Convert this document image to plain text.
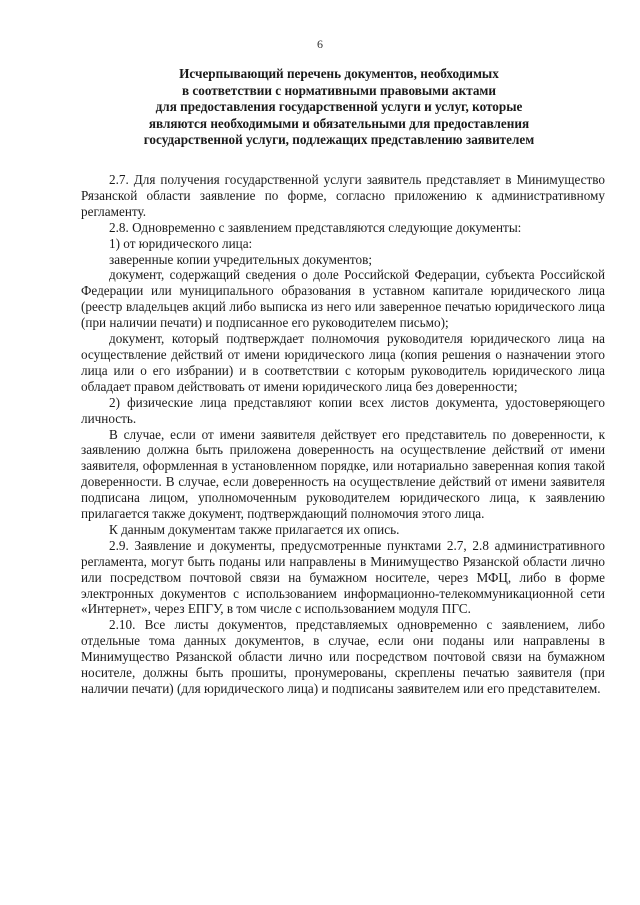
6
Исчерпывающий перечень документов, необходимых
в соответствии с нормативными правовыми актами
для предоставления государственной услуги и услуг, которые
являются необходимыми и обязательными для предоставления
государственной услуги, подлежащих представлению заявителем

2.7. Для получения государственной услуги заявитель представляет в Минимущество Рязанской области заявление по форме, согласно приложению к административному регламенту.

2.8. Одновременно с заявлением представляются следующие документы:

1) от юридического лица:

заверенные копии учредительных документов;

документ, содержащий сведения о доле Российской Федерации, субъекта Российской Федерации или муниципального образования в уставном капитале юридического лица (реестр владельцев акций либо выписка из него или заверенное печатью юридического лица (при наличии печати) и подписанное его руководителем письмо);

документ, который подтверждает полномочия руководителя юридического лица на осуществление действий от имени юридического лица (копия решения о назначении этого лица или о его избрании) и в соответствии с которым руководитель юридического лица обладает правом действовать от имени юридического лица без доверенности;

2) физические лица представляют копии всех листов документа, удостоверяющего личность.

В случае, если от имени заявителя действует его представитель по доверенности, к заявлению должна быть приложена доверенность на осуществление действий от имени заявителя, оформленная в установленном порядке, или нотариально заверенная копия такой доверенности. В случае, если доверенность на осуществление действий от имени заявителя подписана лицом, уполномоченным руководителем юридического лица, к заявлению прилагается также документ, подтверждающий полномочия этого лица.

К данным документам также прилагается их опись.

2.9. Заявление и документы, предусмотренные пунктами 2.7, 2.8 административного регламента, могут быть поданы или направлены в Минимущество Рязанской области лично или посредством почтовой связи на бумажном носителе, через МФЦ, либо в форме электронных документов с использованием информационно-телекоммуникационной сети «Интернет», через ЕПГУ, в том числе с использованием модуля ПГС.

2.10. Все листы документов, представляемых одновременно с заявлением, либо отдельные тома данных документов, в случае, если они поданы или направлены в Минимущество Рязанской области лично или посредством почтовой связи на бумажном носителе, должны быть прошиты, пронумерованы, скреплены печатью заявителя (при наличии печати) (для юридического лица) и подписаны заявителем или его представителем.
